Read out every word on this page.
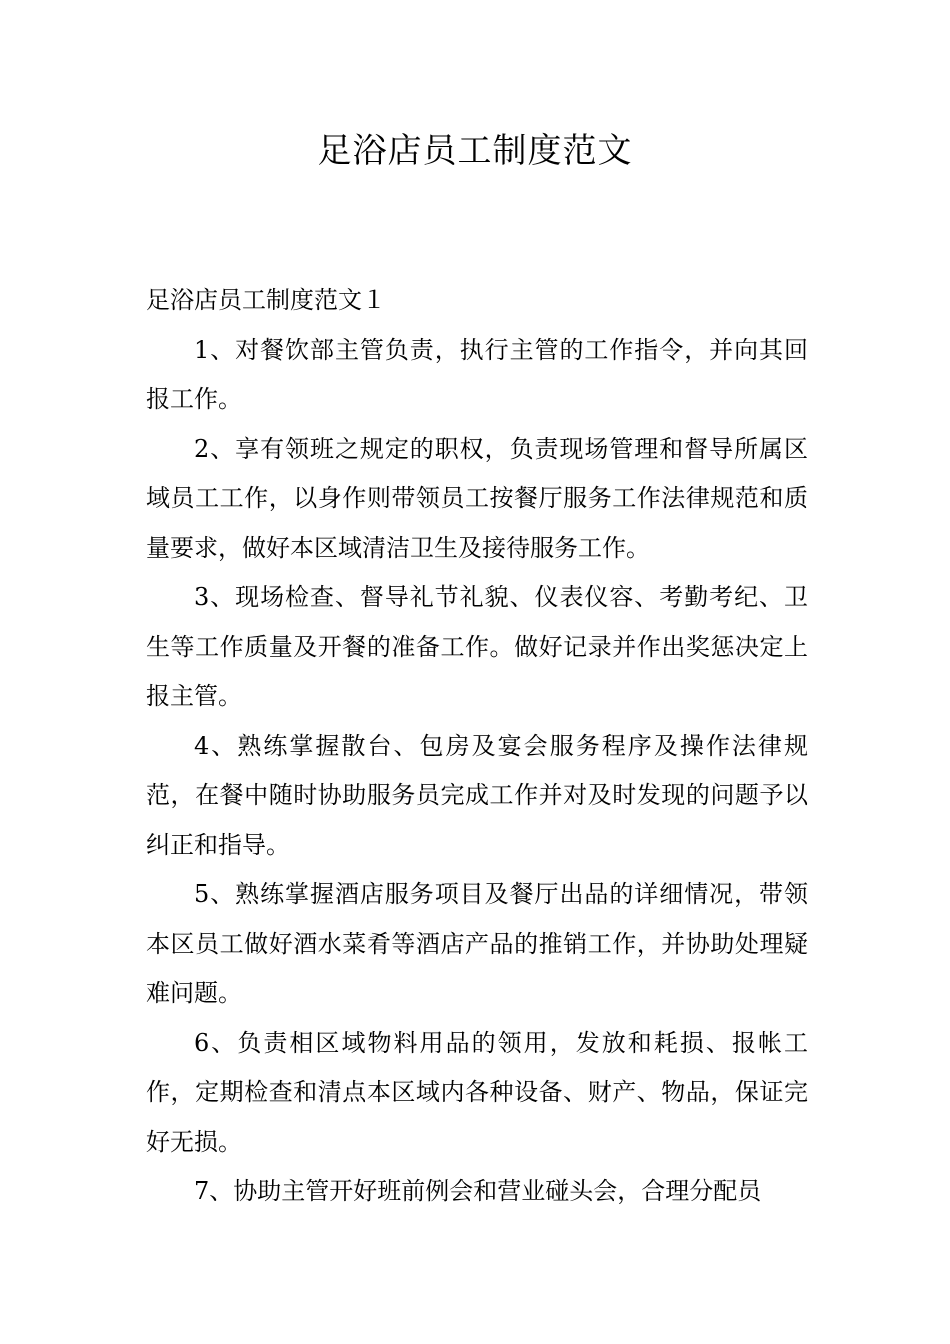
足浴店员工制度范文

足浴店员工制度范文１

1、对餐饮部主管负责，执行主管的工作指令，并向其回报工作。

2、享有领班之规定的职权，负责现场管理和督导所属区域员工工作，以身作则带领员工按餐厅服务工作法律规范和质量要求，做好本区域清洁卫生及接待服务工作。

3、现场检查、督导礼节礼貌、仪表仪容、考勤考纪、卫生等工作质量及开餐的准备工作。做好记录并作出奖惩决定上报主管。

4、熟练掌握散台、包房及宴会服务程序及操作法律规范，在餐中随时协助服务员完成工作并对及时发现的问题予以纠正和指导。

5、熟练掌握酒店服务项目及餐厅出品的详细情况，带领本区员工做好酒水菜肴等酒店产品的推销工作，并协助处理疑难问题。

6、负责相区域物料用品的领用，发放和耗损、报帐工作，定期检查和清点本区域内各种设备、财产、物品，保证完好无损。

7、协助主管开好班前例会和营业碰头会，合理分配员
